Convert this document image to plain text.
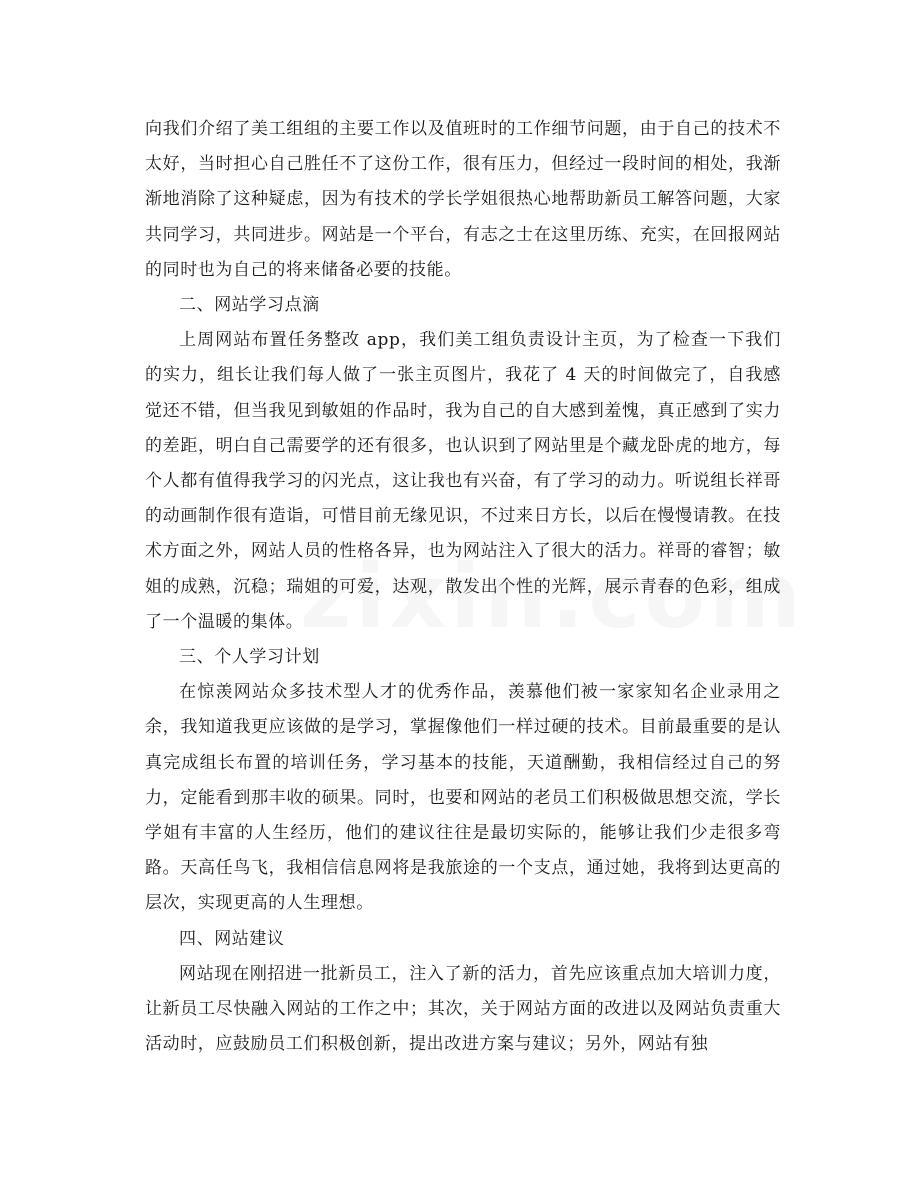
向我们介绍了美工组组的主要工作以及值班时的工作细节问题，由于自己的技术不太好，当时担心自己胜任不了这份工作，很有压力，但经过一段时间的相处，我渐渐地消除了这种疑虑，因为有技术的学长学姐很热心地帮助新员工解答问题，大家共同学习，共同进步。网站是一个平台，有志之士在这里历练、充实，在回报网站的同时也为自己的将来储备必要的技能。

二、网站学习点滴

上周网站布置任务整改 app，我们美工组负责设计主页，为了检查一下我们的实力，组长让我们每人做了一张主页图片，我花了 4 天的时间做完了，自我感觉还不错，但当我见到敏姐的作品时，我为自己的自大感到羞愧，真正感到了实力的差距，明白自己需要学的还有很多，也认识到了网站里是个藏龙卧虎的地方，每个人都有值得我学习的闪光点，这让我也有兴奋，有了学习的动力。听说组长祥哥的动画制作很有造诣，可惜目前无缘见识，不过来日方长，以后在慢慢请教。在技术方面之外，网站人员的性格各异，也为网站注入了很大的活力。祥哥的睿智；敏姐的成熟，沉稳；瑞姐的可爱，达观，散发出个性的光辉，展示青春的色彩，组成了一个温暖的集体。

三、个人学习计划

在惊羡网站众多技术型人才的优秀作品，羡慕他们被一家家知名企业录用之余，我知道我更应该做的是学习，掌握像他们一样过硬的技术。目前最重要的是认真完成组长布置的培训任务，学习基本的技能，天道酬勤，我相信经过自己的努力，定能看到那丰收的硕果。同时，也要和网站的老员工们积极做思想交流，学长学姐有丰富的人生经历，他们的建议往往是最切实际的，能够让我们少走很多弯路。天高任鸟飞，我相信信息网将是我旅途的一个支点，通过她，我将到达更高的层次，实现更高的人生理想。

四、网站建议

网站现在刚招进一批新员工，注入了新的活力，首先应该重点加大培训力度，让新员工尽快融入网站的工作之中；其次，关于网站方面的改进以及网站负责重大活动时，应鼓励员工们积极创新，提出改进方案与建议；另外，网站有独
